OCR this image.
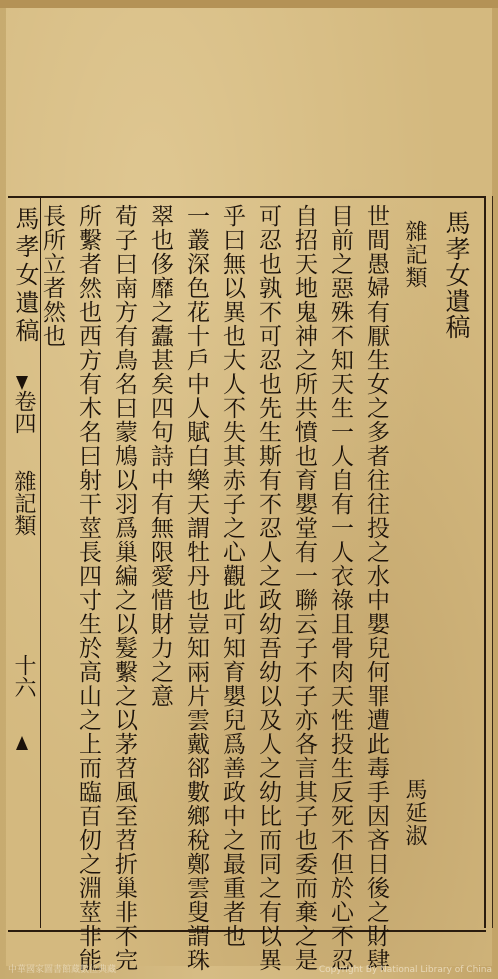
馬孝女遺稿
雜記類
馬延淑
世間愚婦有厭生女之多者往往投之水中嬰兒何罪遭此毒手因吝日後之財肆
目前之惡殊不知天生一人自有一人衣祿且骨肉天性投生反死不但於心不忍
自招天地鬼神之所共憤也育嬰堂有一聯云子不子亦各言其子也委而棄之是
可忍也孰不可忍也先生斯有不忍人之政幼吾幼以及人之幼比而同之有以異
乎曰無以異也大人不失其赤子之心觀此可知育嬰兒爲善政中之最重者也
一叢深色花十戶中人賦白樂天謂牡丹也豈知兩片雲戴郤數鄉稅鄭雲叟謂珠
翠也侈靡之蠹甚矣四句詩中有無限愛惜財力之意
荀子曰南方有鳥名曰蒙鳩以羽爲巢編之以髮繫之以茅苕風至苕折巢非不完
所繫者然也西方有木名曰射干莖長四寸生於高山之上而臨百仞之淵莖非能
長所立者然也
馬孝女遺稿
卷四
雜記類
十六
中華國家圖書館藏數位典藏	Copyright By National Library of China
